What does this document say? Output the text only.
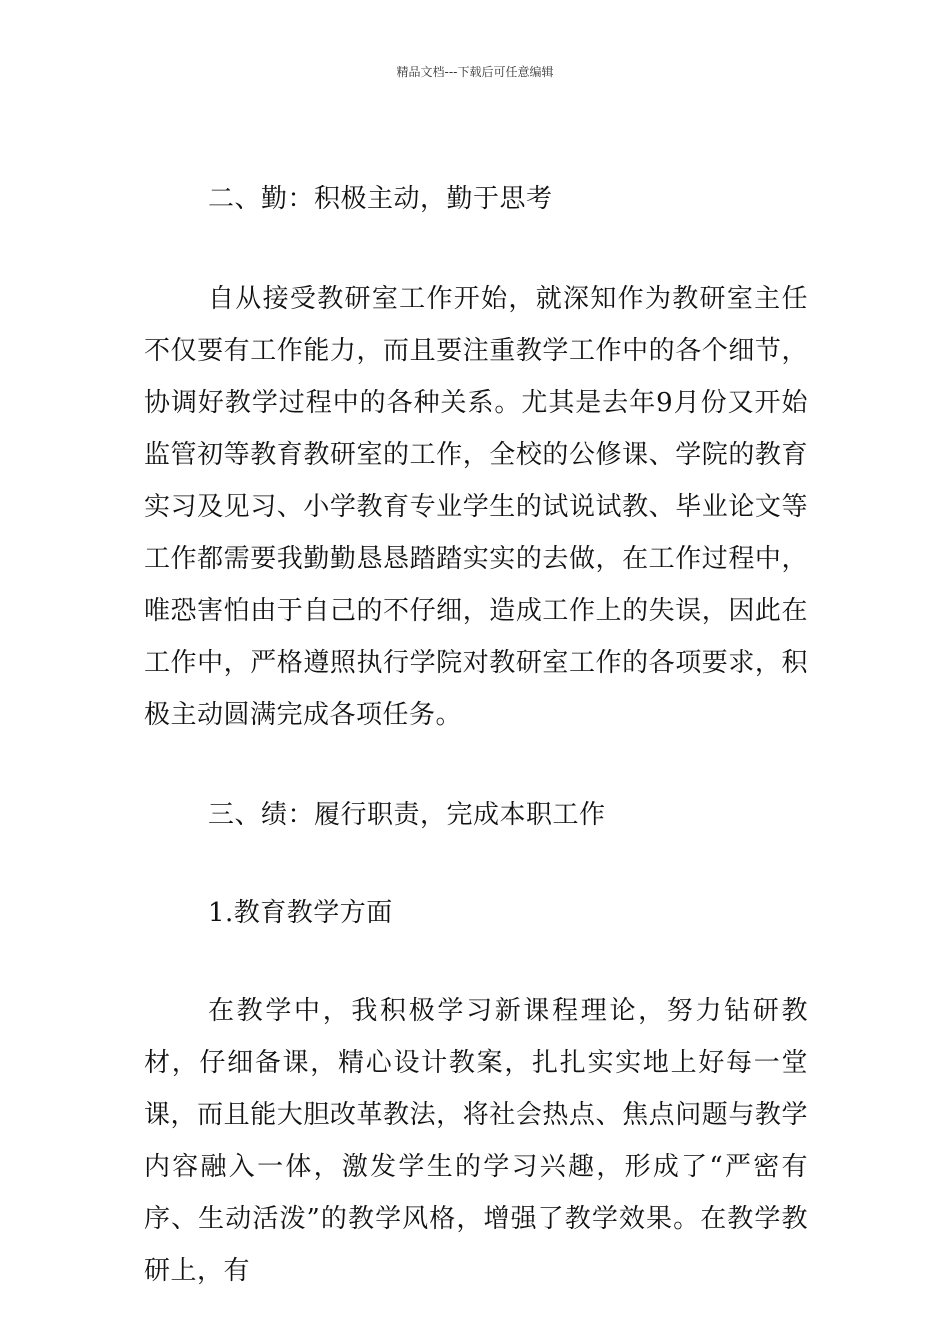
精品文档---下载后可任意编辑

二、勤：积极主动，勤于思考

自从接受教研室工作开始，就深知作为教研室主任不仅要有工作能力，而且要注重教学工作中的各个细节，协调好教学过程中的各种关系。尤其是去年9月份又开始监管初等教育教研室的工作，全校的公修课、学院的教育实习及见习、小学教育专业学生的试说试教、毕业论文等工作都需要我勤勤恳恳踏踏实实的去做，在工作过程中，唯恐害怕由于自己的不仔细，造成工作上的失误，因此在工作中，严格遵照执行学院对教研室工作的各项要求，积极主动圆满完成各项任务。

三、绩：履行职责，完成本职工作

1.教育教学方面

在教学中，我积极学习新课程理论，努力钻研教材，仔细备课，精心设计教案，扎扎实实地上好每一堂课，而且能大胆改革教法，将社会热点、焦点问题与教学内容融入一体，激发学生的学习兴趣，形成了“严密有序、生动活泼”的教学风格，增强了教学效果。在教学教研上，有
